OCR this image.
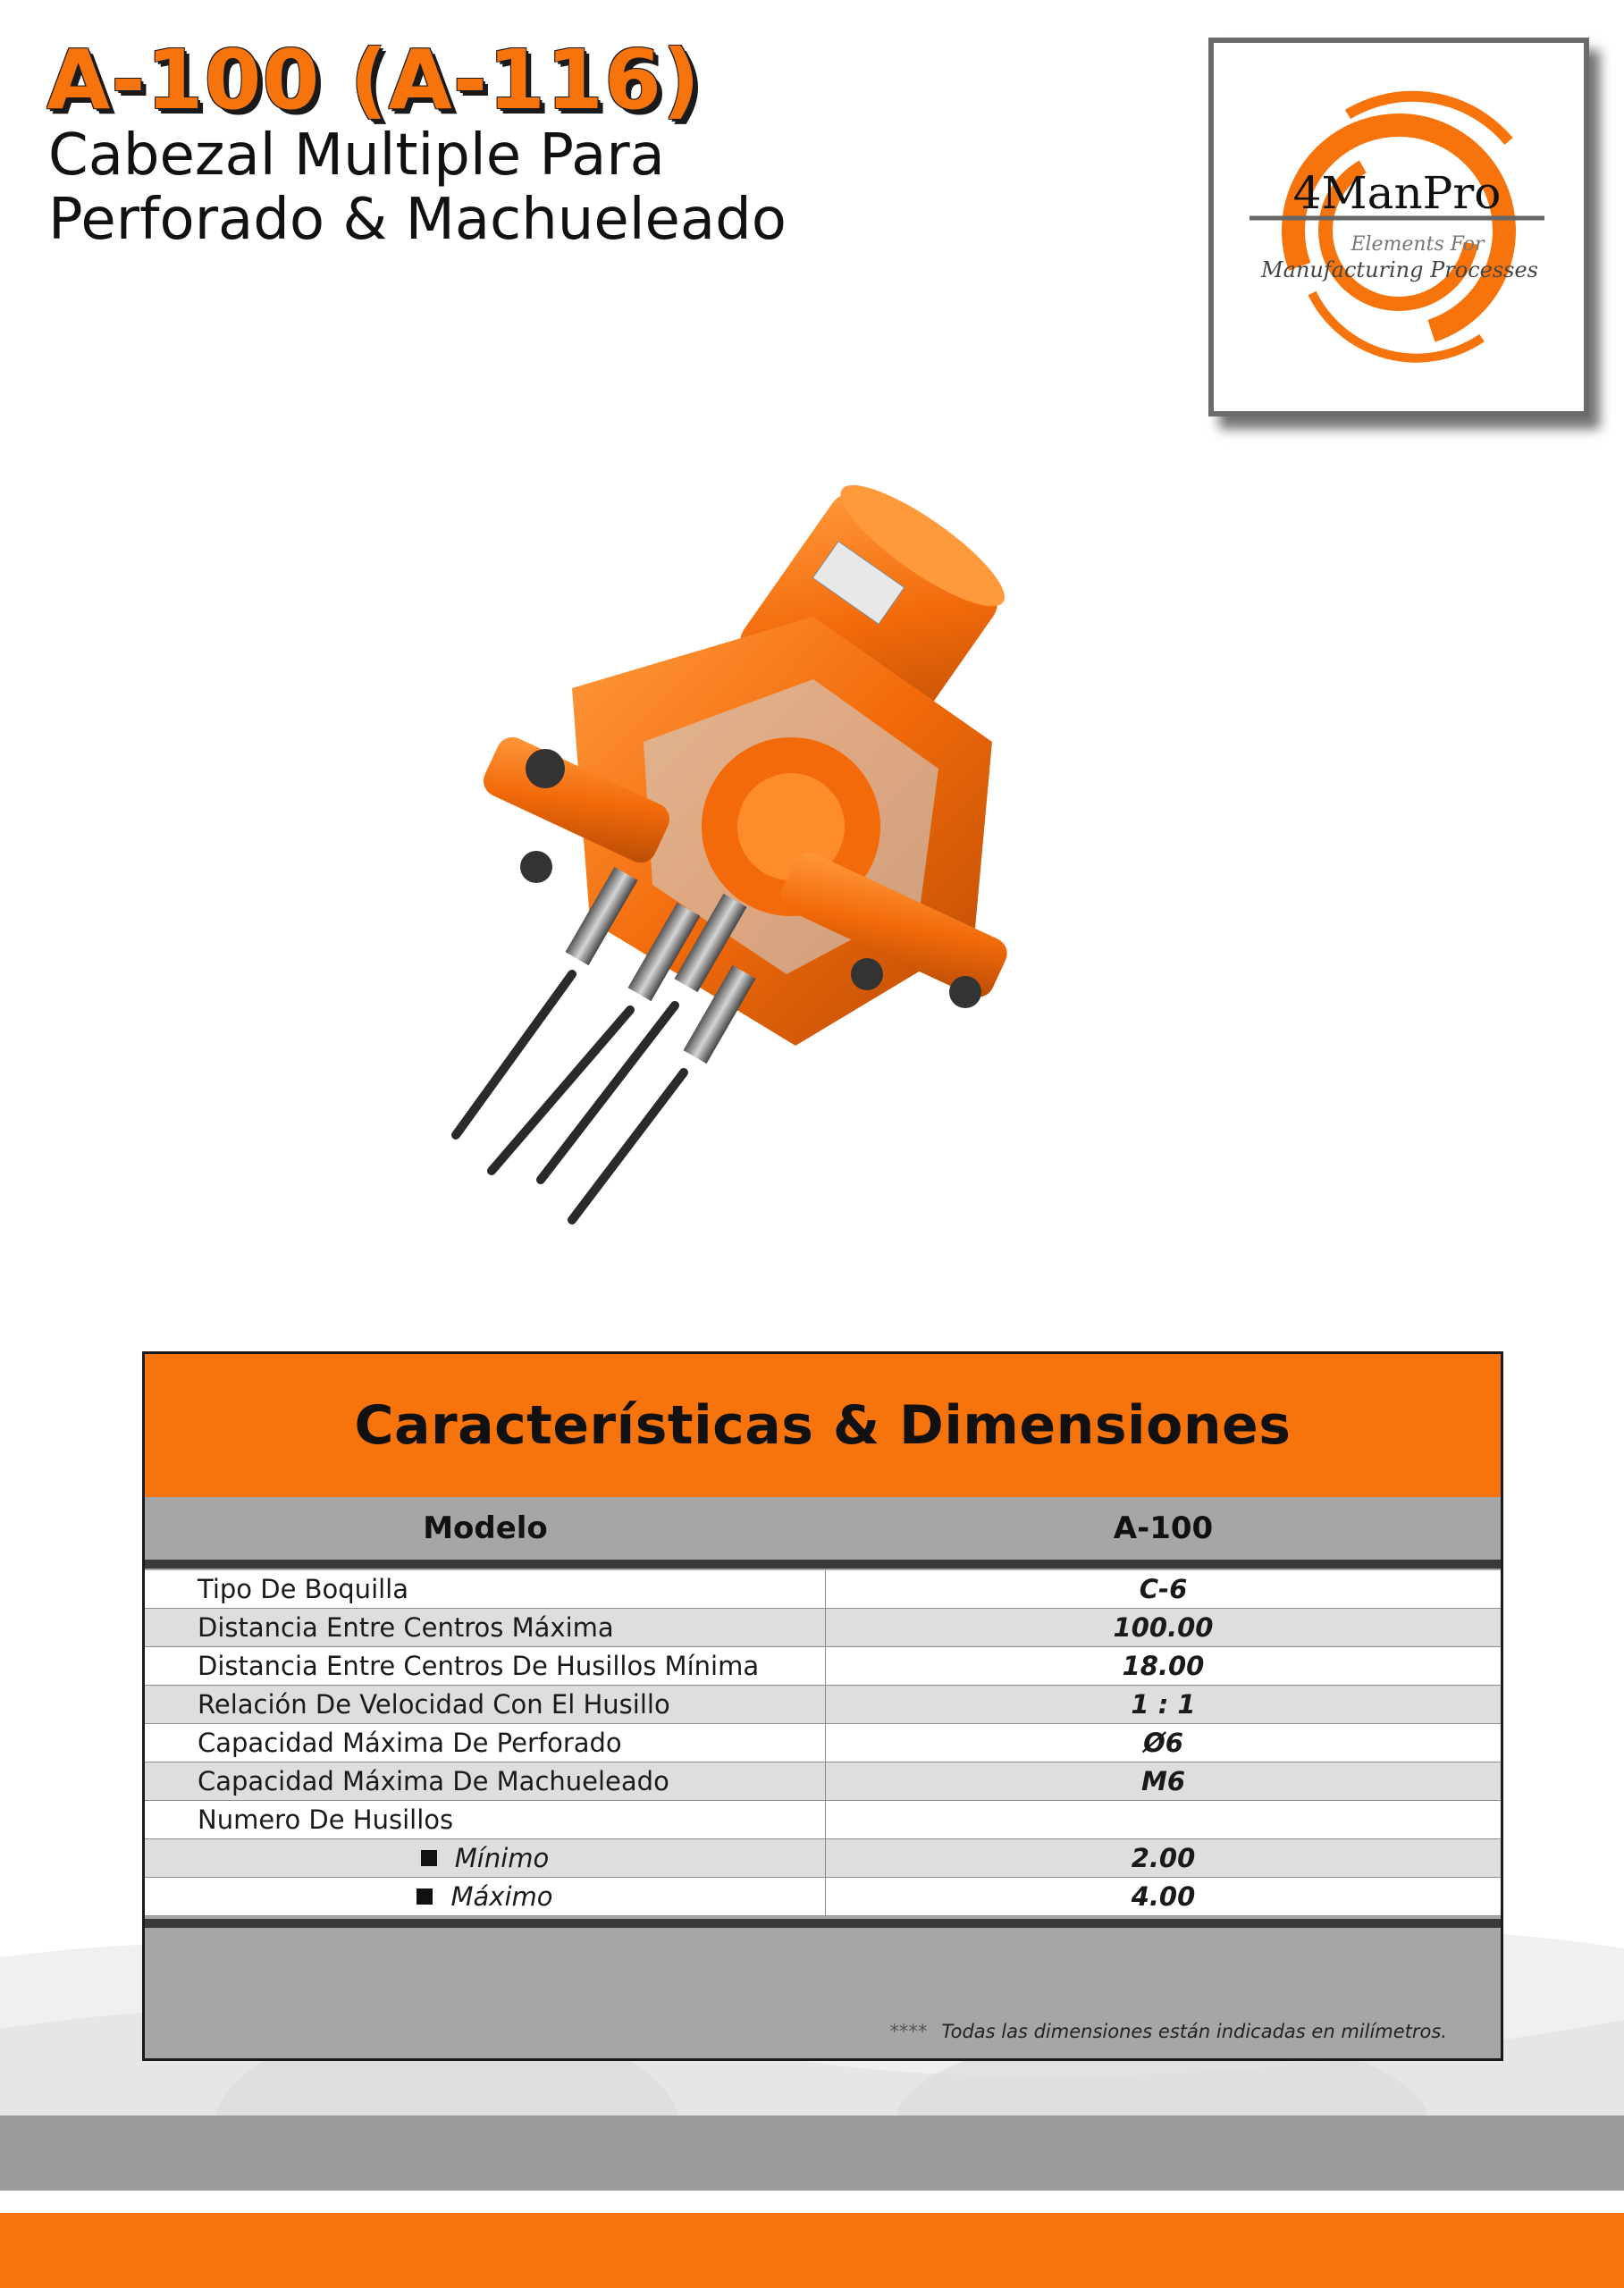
A-100 (A-116)
Cabezal Multiple Para
Perforado & Machueleado	4ManPro
Elements For
Manufacturing Processes
Características & Dimensiones
Modelo	A-100
Tipo De Boquilla	C-6
Distancia Entre Centros Máxima	100.00
Distancia Entre Centros De Husillos Mínima	18.00
Relación De Velocidad Con El Husillo	1 : 1
Capacidad Máxima De Perforado	Ø6
Capacidad Máxima De Machueleado	M6
Numero De Husillos
Mínimo	2.00
Máximo	4.00
**** Todas las dimensiones están indicadas en milímetros.
